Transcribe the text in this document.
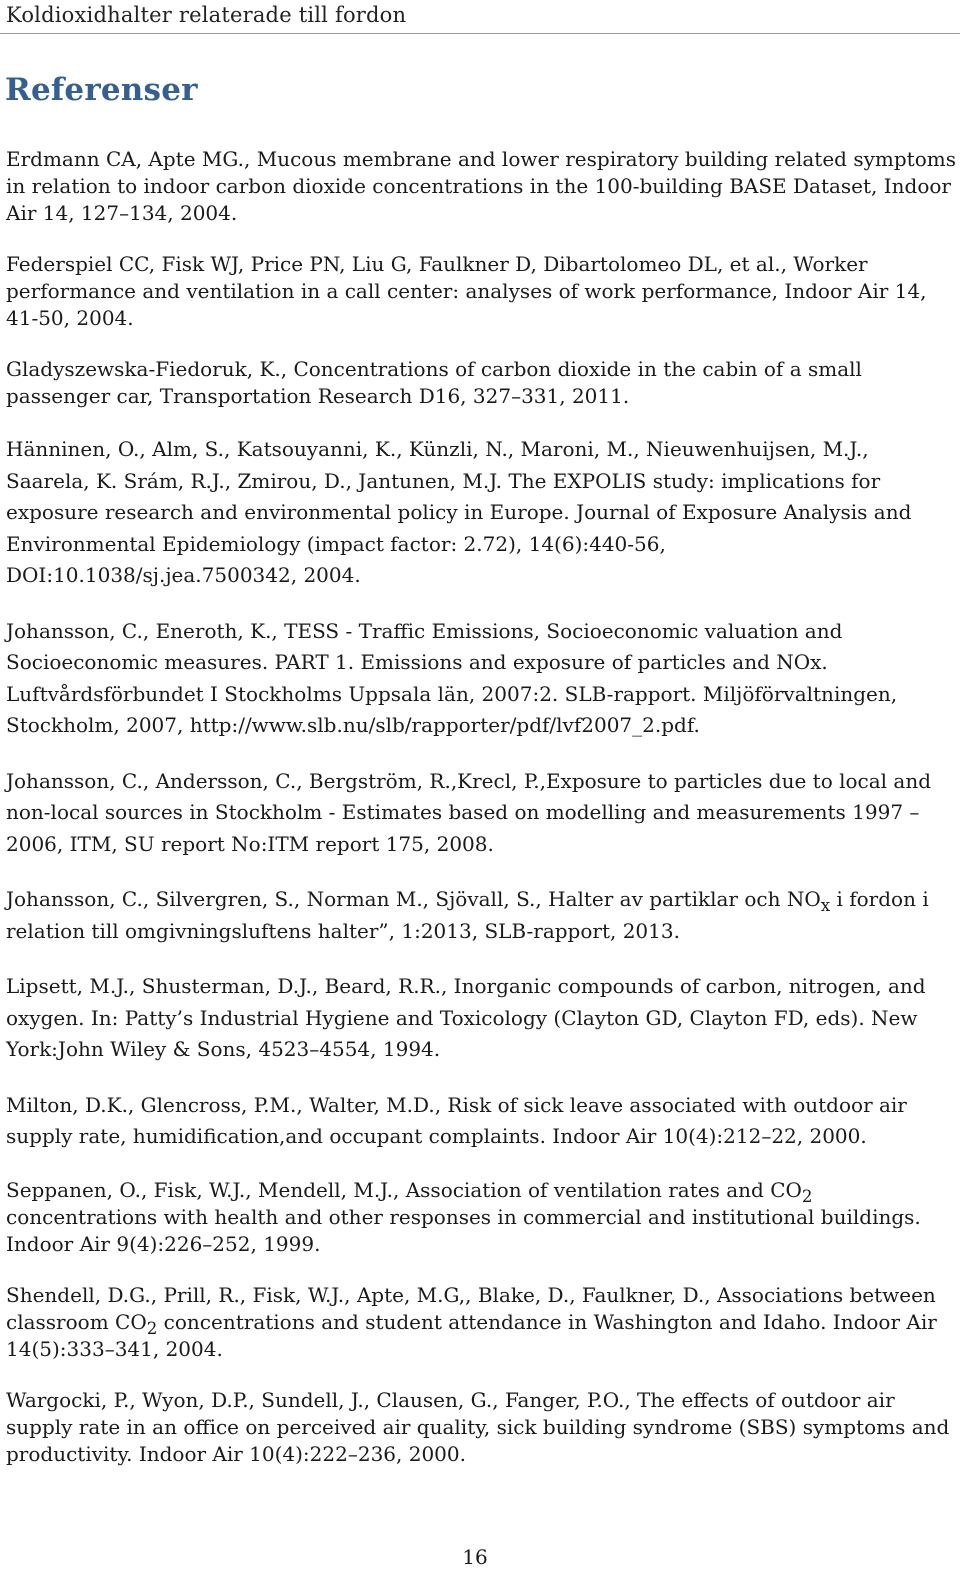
Koldioxidhalter relaterade till fordon
Referenser

Erdmann CA, Apte MG., Mucous membrane and lower respiratory building related symptoms in relation to indoor carbon dioxide concentrations in the 100-building BASE Dataset, Indoor Air 14, 127–134, 2004.

Federspiel CC, Fisk WJ, Price PN, Liu G, Faulkner D, Dibartolomeo DL, et al., Worker performance and ventilation in a call center: analyses of work performance, Indoor Air 14, 41-50, 2004.

Gladyszewska-Fiedoruk, K., Concentrations of carbon dioxide in the cabin of a small passenger car, Transportation Research D16, 327–331, 2011.

Hänninen, O., Alm, S., Katsouyanni, K., Künzli, N., Maroni, M., Nieuwenhuijsen, M.J., Saarela, K. Srám, R.J., Zmirou, D., Jantunen, M.J. The EXPOLIS study: implications for exposure research and environmental policy in Europe. Journal of Exposure Analysis and Environmental Epidemiology (impact factor: 2.72), 14(6):440-56, DOI:10.1038/sj.jea.7500342, 2004.

Johansson, C., Eneroth, K., TESS - Traffic Emissions, Socioeconomic valuation and Socioeconomic measures. PART 1. Emissions and exposure of particles and NOx. Luftvårdsförbundet I Stockholms Uppsala län, 2007:2. SLB-rapport. Miljöförvaltningen, Stockholm, 2007, http://www.slb.nu/slb/rapporter/pdf/lvf2007_2.pdf.

Johansson, C., Andersson, C., Bergström, R.,Krecl, P.,Exposure to particles due to local and non-local sources in Stockholm - Estimates based on modelling and measurements 1997 – 2006, ITM, SU report No:ITM report 175, 2008.

Johansson, C., Silvergren, S., Norman M., Sjövall, S., Halter av partiklar och $NO_x$ i fordon i relation till omgivningsluftens halter”, 1:2013, SLB-rapport, 2013.

Lipsett, M.J., Shusterman, D.J., Beard, R.R., Inorganic compounds of carbon, nitrogen, and oxygen. In: Patty’s Industrial Hygiene and Toxicology (Clayton GD, Clayton FD, eds). New York:John Wiley & Sons, 4523–4554, 1994.

Milton, D.K., Glencross, P.M., Walter, M.D., Risk of sick leave associated with outdoor air supply rate, humidification,and occupant complaints. Indoor Air 10(4):212–22, 2000.

Seppanen, O., Fisk, W.J., Mendell, M.J., Association of ventilation rates and $CO_2$ concentrations with health and other responses in commercial and institutional buildings. Indoor Air 9(4):226–252, 1999.

Shendell, D.G., Prill, R., Fisk, W.J., Apte, M.G,, Blake, D., Faulkner, D., Associations between classroom $CO_2$ concentrations and student attendance in Washington and Idaho. Indoor Air 14(5):333–341, 2004.

Wargocki, P., Wyon, D.P., Sundell, J., Clausen, G., Fanger, P.O., The effects of outdoor air supply rate in an office on perceived air quality, sick building syndrome (SBS) symptoms and productivity. Indoor Air 10(4):222–236, 2000.

16
